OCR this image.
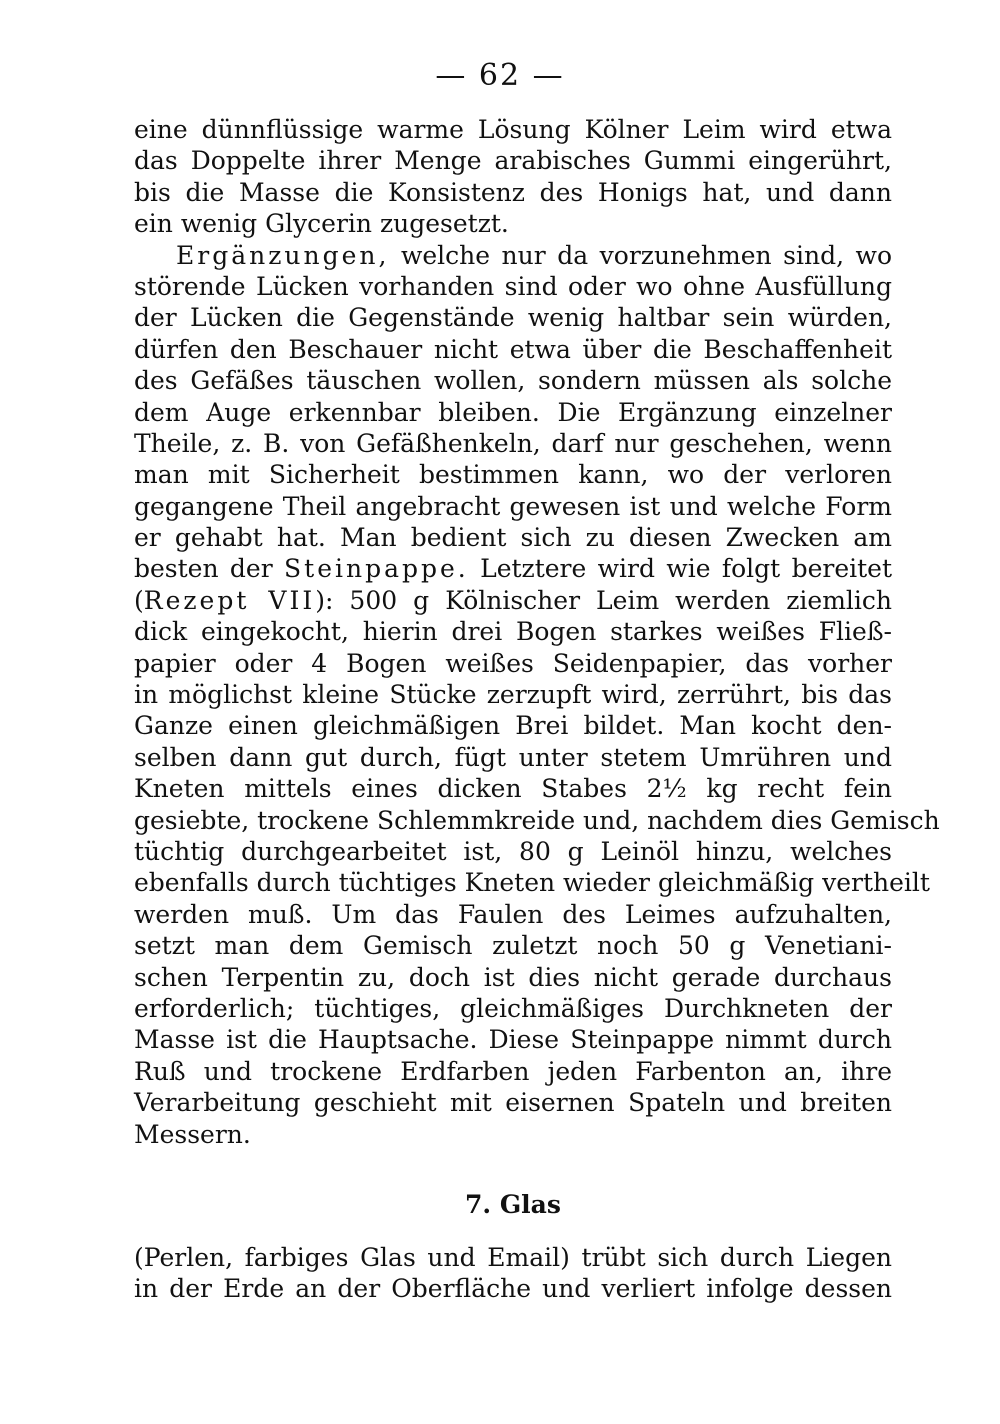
— 62 —
eine dünnflüssige warme Lösung Kölner Leim wird etwa
das Doppelte ihrer Menge arabisches Gummi eingerührt,
bis die Masse die Konsistenz des Honigs hat, und dann
ein wenig Glycerin zugesetzt.
Ergänzungen, welche nur da vorzunehmen sind, wo
störende Lücken vorhanden sind oder wo ohne Ausfüllung
der Lücken die Gegenstände wenig haltbar sein würden,
dürfen den Beschauer nicht etwa über die Beschaffenheit
des Gefäßes täuschen wollen, sondern müssen als solche
dem Auge erkennbar bleiben. Die Ergänzung einzelner
Theile, z. B. von Gefäßhenkeln, darf nur geschehen, wenn
man mit Sicherheit bestimmen kann, wo der verloren
gegangene Theil angebracht gewesen ist und welche Form
er gehabt hat. Man bedient sich zu diesen Zwecken am
besten der Steinpappe. Letztere wird wie folgt bereitet
(Rezept VII): 500 g Kölnischer Leim werden ziemlich
dick eingekocht, hierin drei Bogen starkes weißes Fließ-
papier oder 4 Bogen weißes Seidenpapier, das vorher
in möglichst kleine Stücke zerzupft wird, zerrührt, bis das
Ganze einen gleichmäßigen Brei bildet. Man kocht den-
selben dann gut durch, fügt unter stetem Umrühren und
Kneten mittels eines dicken Stabes 2½ kg recht fein
gesiebte, trockene Schlemmkreide und, nachdem dies Gemisch
tüchtig durchgearbeitet ist, 80 g Leinöl hinzu, welches
ebenfalls durch tüchtiges Kneten wieder gleichmäßig vertheilt
werden muß. Um das Faulen des Leimes aufzuhalten,
setzt man dem Gemisch zuletzt noch 50 g Venetiani-
schen Terpentin zu, doch ist dies nicht gerade durchaus
erforderlich; tüchtiges, gleichmäßiges Durchkneten der
Masse ist die Hauptsache. Diese Steinpappe nimmt durch
Ruß und trockene Erdfarben jeden Farbenton an, ihre
Verarbeitung geschieht mit eisernen Spateln und breiten
Messern.
7. Glas
(Perlen, farbiges Glas und Email) trübt sich durch Liegen
in der Erde an der Oberfläche und verliert infolge dessen
